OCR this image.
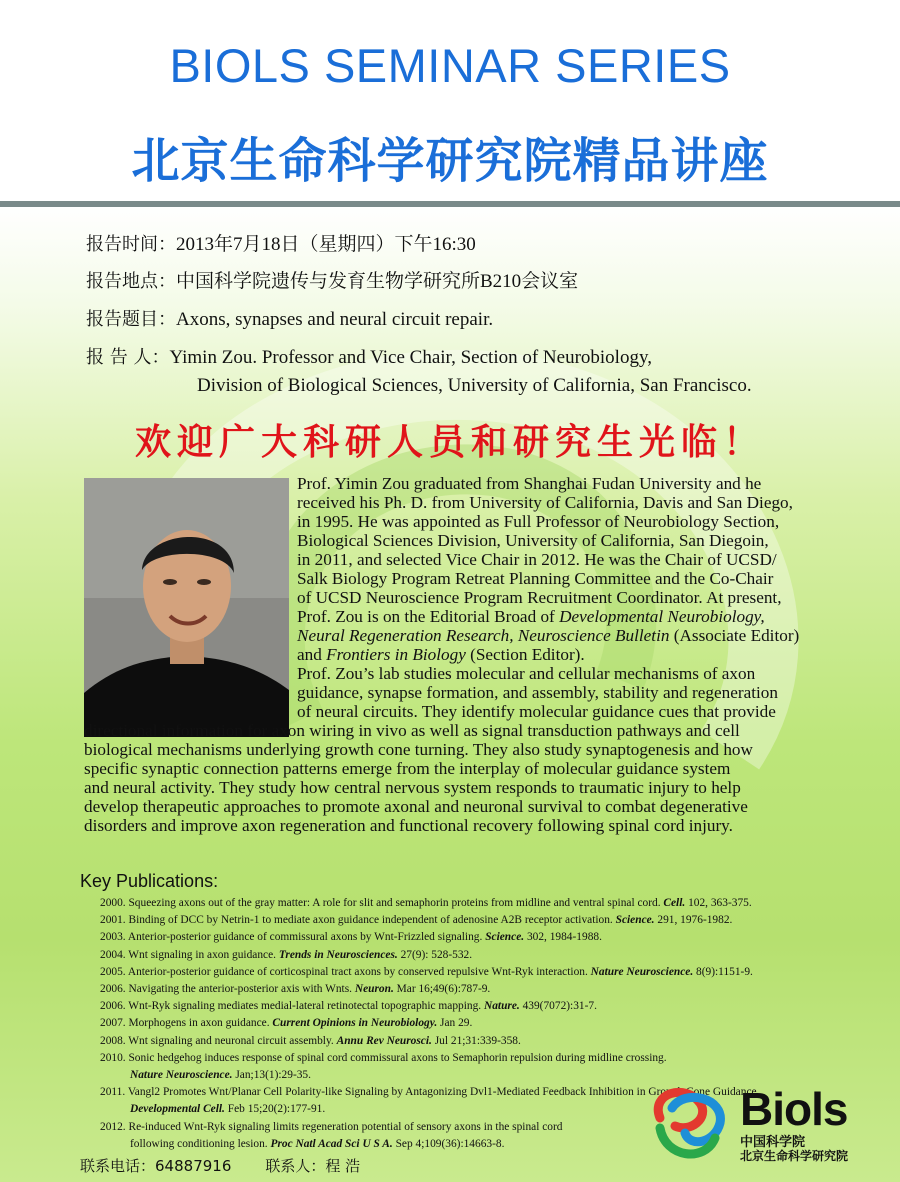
BIOLS SEMINAR SERIES
北京生命科学研究院精品讲座
报告时间：2013年7月18日（星期四）下午16:30
报告地点：中国科学院遗传与发育生物学研究所B210会议室
报告题目：Axons, synapses and neural circuit repair.
报 告 人：Yimin Zou. Professor and Vice Chair, Section of Neurobiology,
Division of Biological Sciences, University of California, San Francisco.
欢迎广大科研人员和研究生光临！
Prof. Yimin Zou graduated from Shanghai Fudan University and he
received his Ph. D. from University of California, Davis and San Diego,
in 1995. He was appointed as Full Professor of Neurobiology Section,
Biological Sciences Division, University of California, San Diegoin,
in 2011, and selected Vice Chair in 2012. He was the Chair of UCSD/
Salk Biology Program Retreat Planning Committee and the Co-Chair
of UCSD Neuroscience Program Recruitment Coordinator. At present,
Prof. Zou is on the Editorial Broad of Developmental Neurobiology,
Neural Regeneration Research, Neuroscience Bulletin (Associate Editor)
and Frontiers in Biology (Section Editor).
Prof. Zou’s lab studies molecular and cellular mechanisms of axon
guidance, synapse formation, and assembly, stability and regeneration
of neural circuits. They identify molecular guidance cues that provide
directional information for axon wiring in vivo as well as signal transduction pathways and cell
biological mechanisms underlying growth cone turning. They also study synaptogenesis and how
specific synaptic connection patterns emerge from the interplay of molecular guidance system
and neural activity. They study how central nervous system responds to traumatic injury to help
develop therapeutic approaches to promote axonal and neuronal survival to combat degenerative
disorders and improve axon regeneration and functional recovery following spinal cord injury.
Key Publications:
2000. Squeezing axons out of the gray matter: A role for slit and semaphorin proteins from midline and ventral spinal cord. Cell. 102, 363-375.
2001. Binding of DCC by Netrin-1 to mediate axon guidance independent of adenosine A2B receptor activation. Science. 291, 1976-1982.
2003. Anterior-posterior guidance of commissural axons by Wnt-Frizzled signaling. Science. 302, 1984-1988.
2004. Wnt signaling in axon guidance. Trends in Neurosciences. 27(9): 528-532.
2005. Anterior-posterior guidance of corticospinal tract axons by conserved repulsive Wnt-Ryk interaction. Nature Neuroscience. 8(9):1151-9.
2006. Navigating the anterior-posterior axis with Wnts. Neuron. Mar 16;49(6):787-9.
2006. Wnt-Ryk signaling mediates medial-lateral retinotectal topographic mapping. Nature. 439(7072):31-7.
2007. Morphogens in axon guidance. Current Opinions in Neurobiology. Jan 29.
2008. Wnt signaling and neuronal circuit assembly. Annu Rev Neurosci. Jul 21;31:339-358.
2010. Sonic hedgehog induces response of spinal cord commissural axons to Semaphorin repulsion during midline crossing.
Nature Neuroscience. Jan;13(1):29-35.
2011. Vangl2 Promotes Wnt/Planar Cell Polarity-like Signaling by Antagonizing Dvl1-Mediated Feedback Inhibition in Growth Cone Guidance.
Developmental Cell. Feb 15;20(2):177-91.
2012. Re-induced Wnt-Ryk signaling limits regeneration potential of sensory axons in the spinal cord
following conditioning lesion. Proc Natl Acad Sci U S A. Sep 4;109(36):14663-8.
Biols
中国科学院
北京生命科学研究院
联系电话：64887916 联系人：程 浩
